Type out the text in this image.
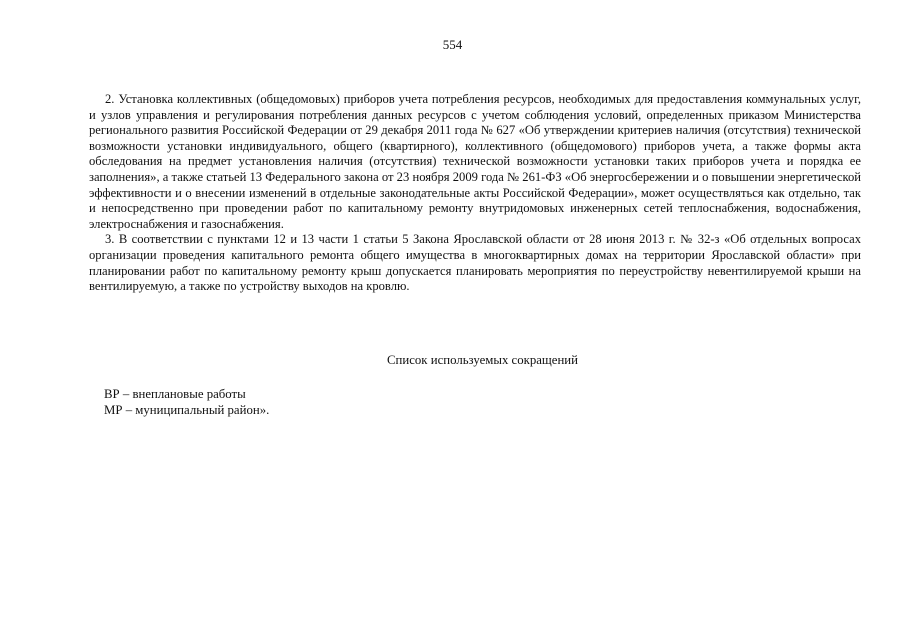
554

2. Установка коллективных (общедомовых) приборов учета потребления ресурсов, необходимых для предоставления коммунальных услуг, и узлов управления и регулирования потребления данных ресурсов с учетом соблюдения условий, определенных приказом Министерства регионального развития Российской Федерации от 29 декабря 2011 года № 627 «Об утверждении критериев наличия (отсутствия) технической возможности установки индивидуального, общего (квартирного), коллективного (общедомового) приборов учета, а также формы акта обследования на предмет установления наличия (отсутствия) технической возможности установки таких приборов учета и порядка ее заполнения», а также статьей 13 Федерального закона от 23 ноября 2009 года № 261-ФЗ «Об энергосбережении и о повышении энергетической эффективности и о внесении изменений в отдельные законодательные акты Российской Федерации», может осуществляться как отдельно, так и непосредственно при проведении работ по капитальному ремонту внутридомовых инженерных сетей теплоснабжения, водоснабжения, электроснабжения и газоснабжения.

3. В соответствии с пунктами 12 и 13 части 1 статьи 5 Закона Ярославской области от 28 июня 2013 г. № 32-з «Об отдельных вопросах организации проведения капитального ремонта общего имущества в многоквартирных домах на территории Ярославской области» при планировании работ по капитальному ремонту крыш допускается планировать мероприятия по переустройству невентилируемой крыши на вентилируемую, а также по устройству выходов на кровлю.

Список используемых сокращений
ВР – внеплановые работы
МР – муниципальный район».
